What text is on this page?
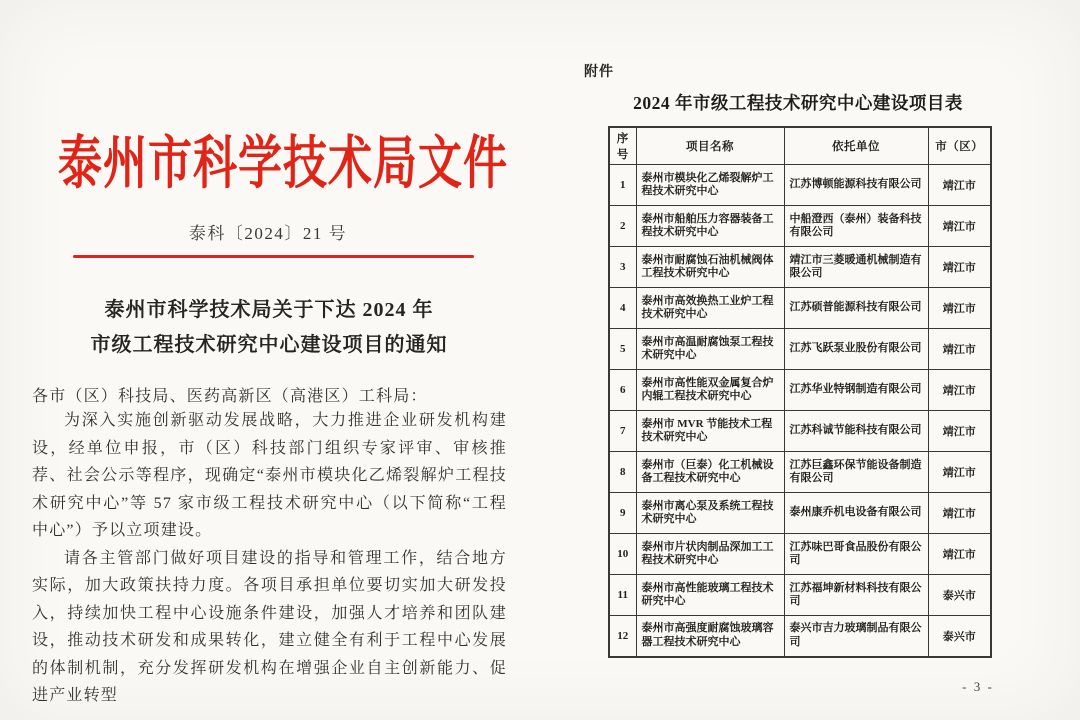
泰州市科学技术局文件
泰科〔2024〕21 号
泰州市科学技术局关于下达 2024 年
市级工程技术研究中心建设项目的通知
各市（区）科技局、医药高新区（高港区）工科局：

为深入实施创新驱动发展战略，大力推进企业研发机构建设，经单位申报，市（区）科技部门组织专家评审、审核推荐、社会公示等程序，现确定“泰州市模块化乙烯裂解炉工程技术研究中心”等 57 家市级工程技术研究中心（以下简称“工程中心”）予以立项建设。

请各主管部门做好项目建设的指导和管理工作，结合地方实际，加大政策扶持力度。各项目承担单位要切实加大研发投入，持续加快工程中心设施条件建设，加强人才培养和团队建设，推动技术研发和成果转化，建立健全有利于工程中心发展的体制机制，充分发挥研发机构在增强企业自主创新能力、促进产业转型

附件
2024 年市级工程技术研究中心建设项目表
序号	项目名称	依托单位	市（区）
1	泰州市模块化乙烯裂解炉工程技术研究中心	江苏博顿能源科技有限公司	靖江市
2	泰州市船舶压力容器装备工程技术研究中心	中船澄西（泰州）装备科技有限公司	靖江市
3	泰州市耐腐蚀石油机械阀体工程技术研究中心	靖江市三菱暖通机械制造有限公司	靖江市
4	泰州市高效换热工业炉工程技术研究中心	江苏硕普能源科技有限公司	靖江市
5	泰州市高温耐腐蚀泵工程技术研究中心	江苏飞跃泵业股份有限公司	靖江市
6	泰州市高性能双金属复合炉内辊工程技术研究中心	江苏华业特钢制造有限公司	靖江市
7	泰州市 MVR 节能技术工程技术研究中心	江苏科诚节能科技有限公司	靖江市
8	泰州市（巨泰）化工机械设备工程技术研究中心	江苏巨鑫环保节能设备制造有限公司	靖江市
9	泰州市离心泵及系统工程技术研究中心	泰州康乔机电设备有限公司	靖江市
10	泰州市片状肉制品深加工工程技术研究中心	江苏味巴哥食品股份有限公司	靖江市
11	泰州市高性能玻璃工程技术研究中心	江苏福坤新材料科技有限公司	泰兴市
12	泰州市高强度耐腐蚀玻璃容器工程技术研究中心	泰兴市吉力玻璃制品有限公司	泰兴市
- 3 -
